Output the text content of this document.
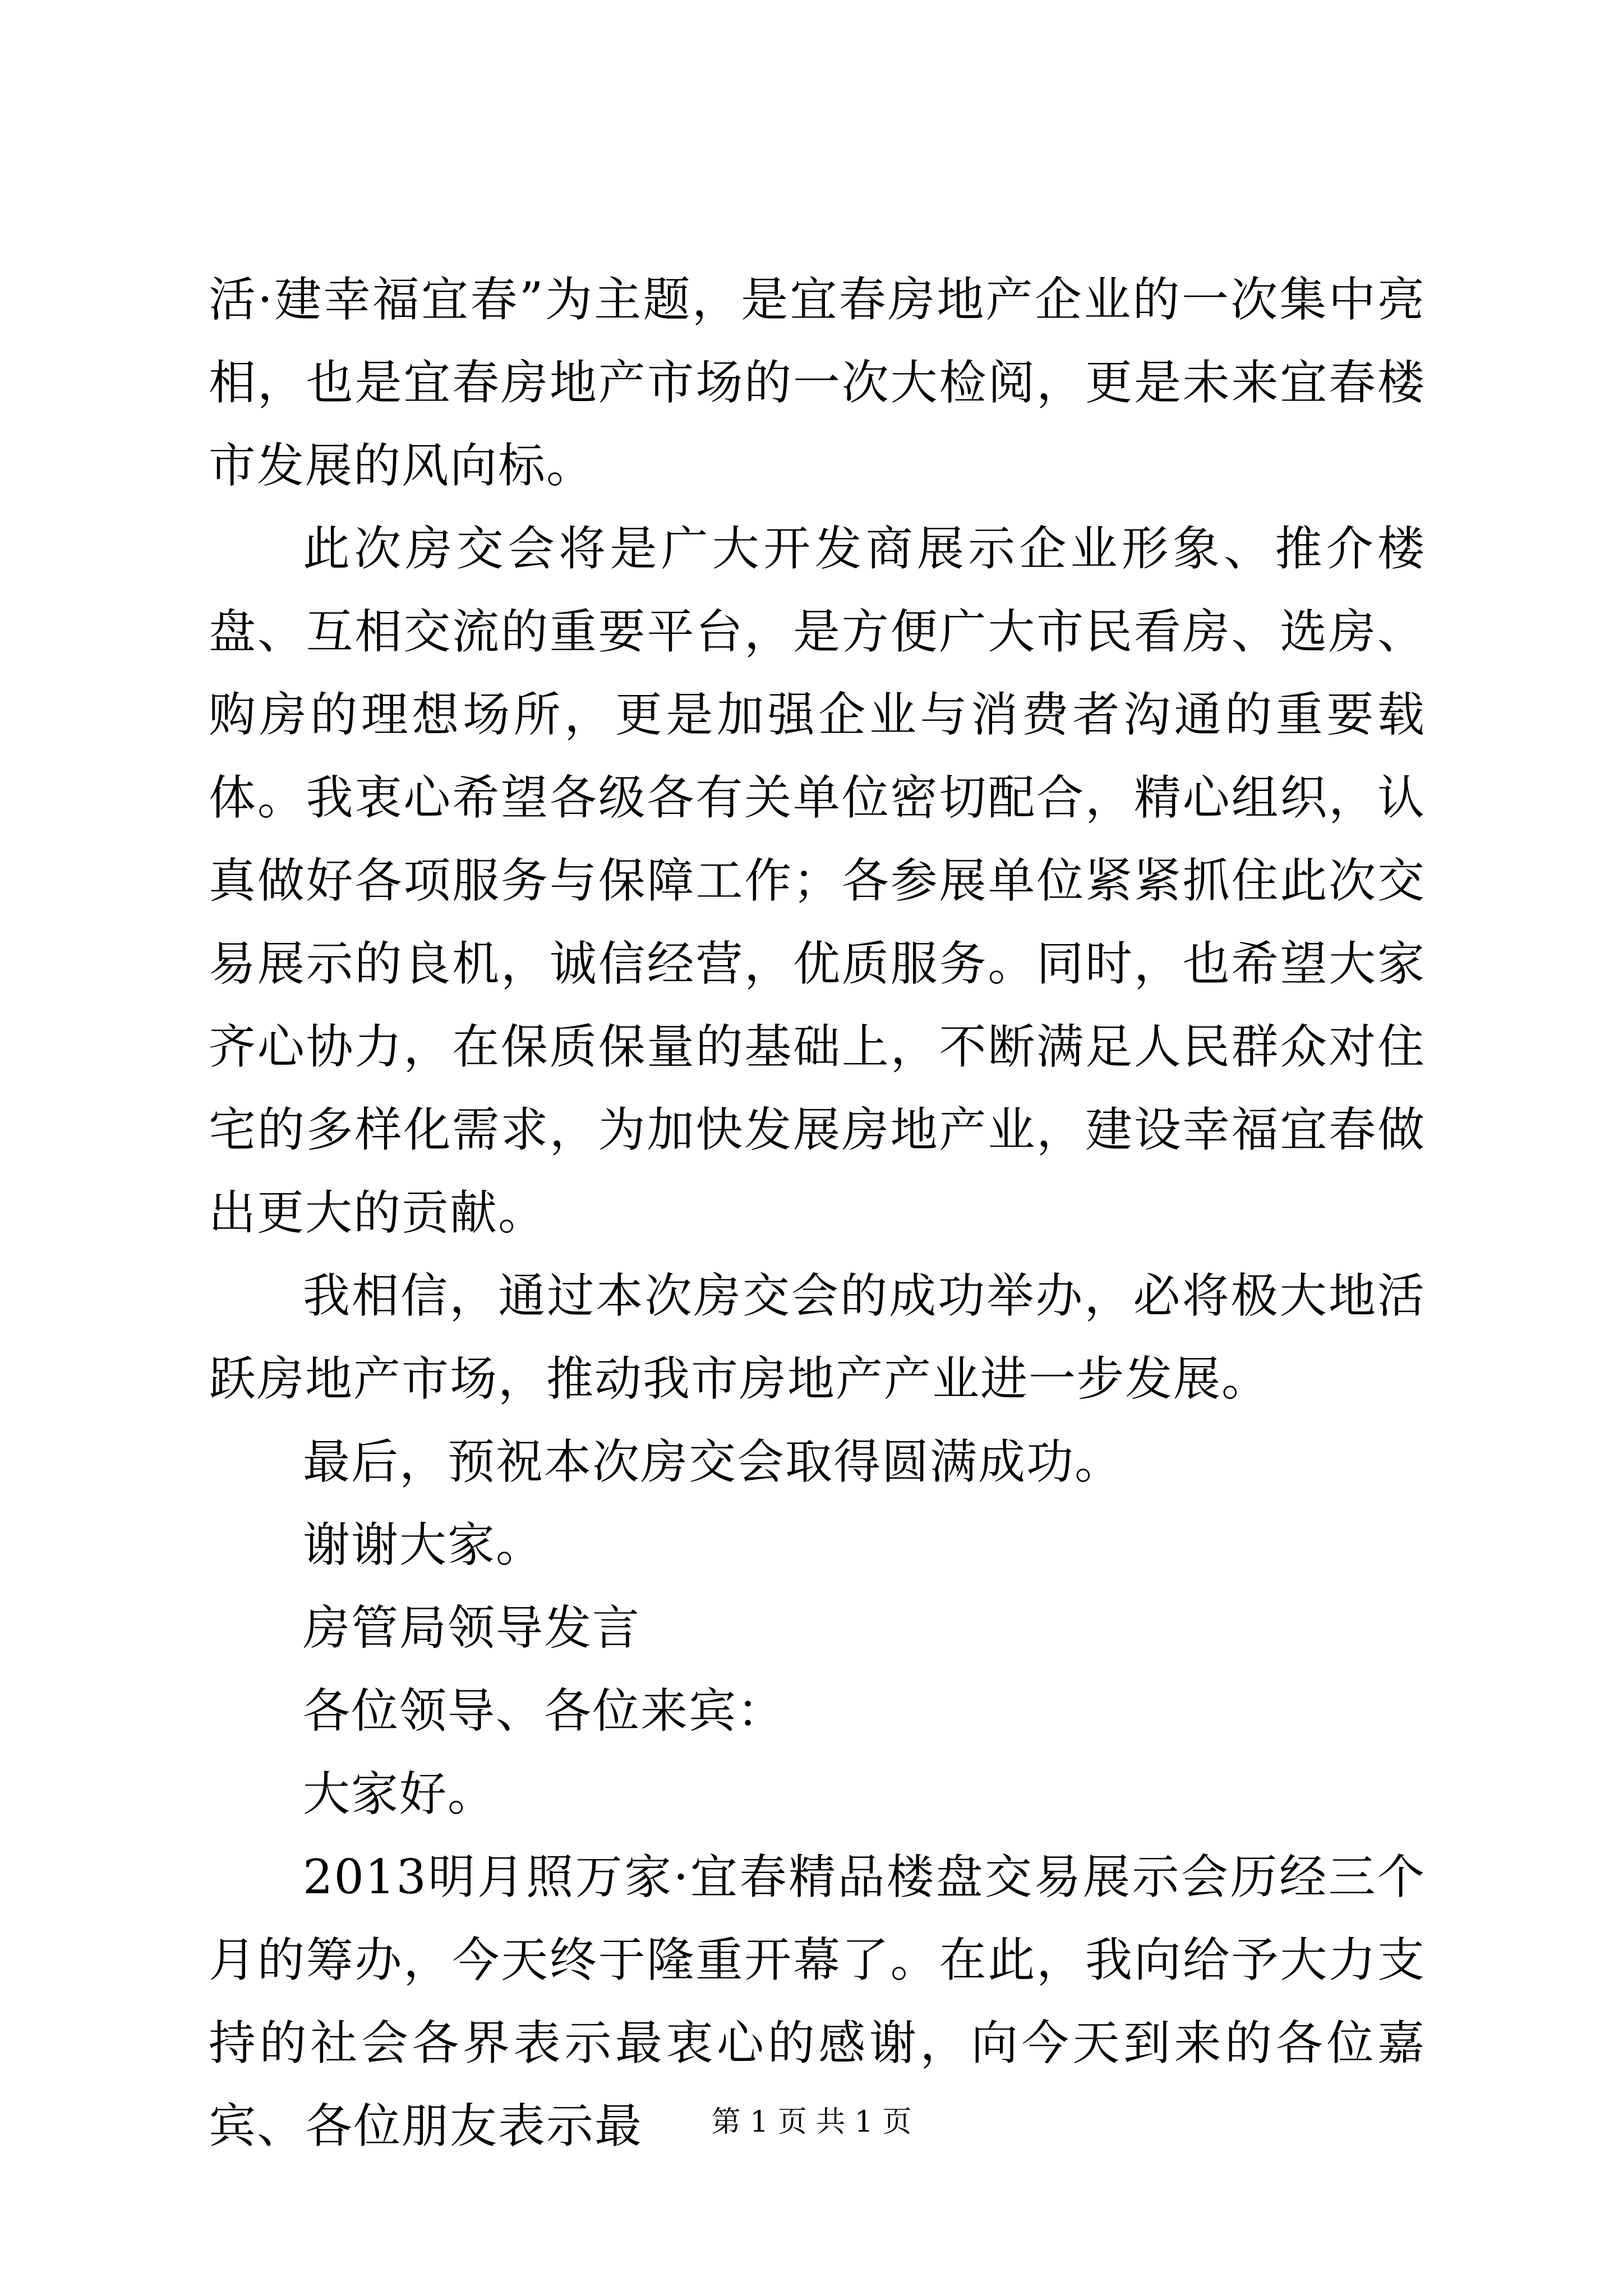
活·建幸福宜春”为主题，是宜春房地产企业的一次集中亮相，也是宜春房地产市场的一次大检阅，更是未来宜春楼市发展的风向标。

此次房交会将是广大开发商展示企业形象、推介楼盘、互相交流的重要平台，是方便广大市民看房、选房、购房的理想场所，更是加强企业与消费者沟通的重要载体。我衷心希望各级各有关单位密切配合，精心组织，认真做好各项服务与保障工作；各参展单位紧紧抓住此次交易展示的良机，诚信经营，优质服务。同时，也希望大家齐心协力，在保质保量的基础上，不断满足人民群众对住宅的多样化需求，为加快发展房地产业，建设幸福宜春做出更大的贡献。

我相信，通过本次房交会的成功举办，必将极大地活跃房地产市场，推动我市房地产产业进一步发展。

最后，预祝本次房交会取得圆满成功。

谢谢大家。

房管局领导发言

各位领导、各位来宾：

大家好。

2013明月照万家·宜春精品楼盘交易展示会历经三个月的筹办，今天终于隆重开幕了。在此，我向给予大力支持的社会各界表示最衷心的感谢，向今天到来的各位嘉宾、各位朋友表示最	第 1 页 共 1 页
